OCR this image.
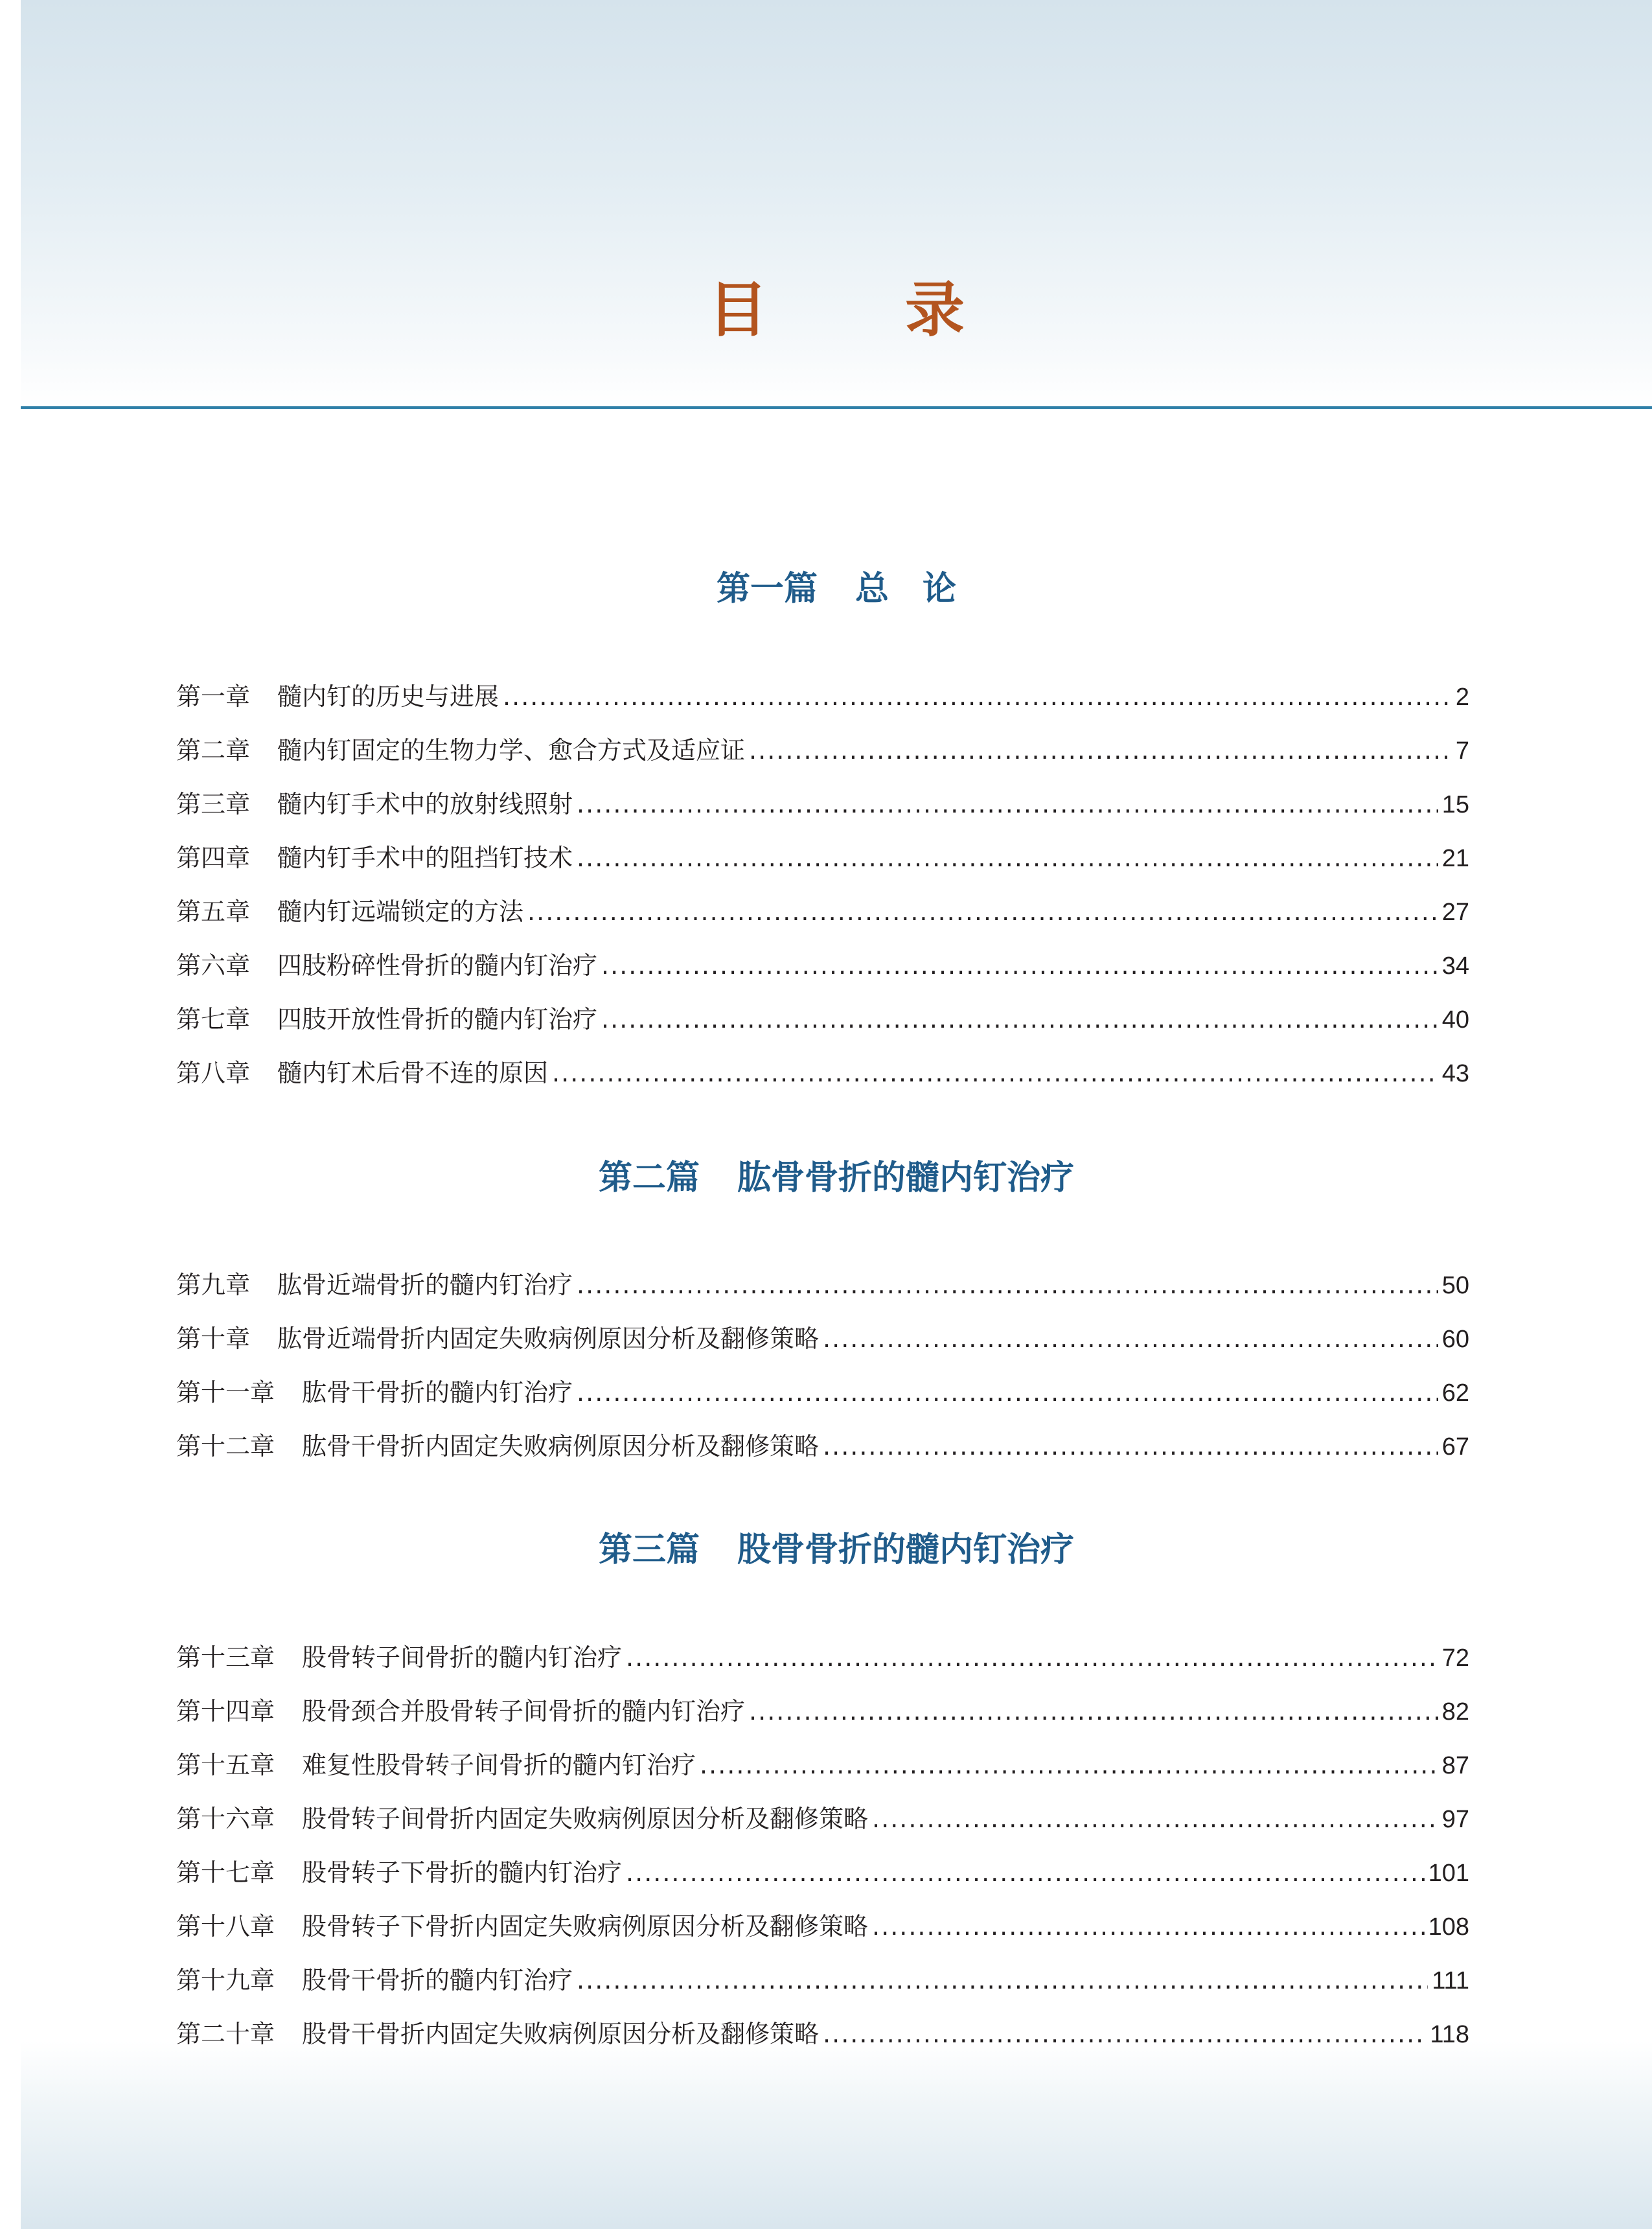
目 录
第一篇 总　论
第一章 髓内钉的历史与进展 .....	2
第二章 髓内钉固定的生物力学、愈合方式及适应证 .....	7
第三章 髓内钉手术中的放射线照射 .....	15
第四章 髓内钉手术中的阻挡钉技术 .....	21
第五章 髓内钉远端锁定的方法 .....	27
第六章 四肢粉碎性骨折的髓内钉治疗 .....	34
第七章 四肢开放性骨折的髓内钉治疗 .....	40
第八章 髓内钉术后骨不连的原因 .....	43
第二篇 肱骨骨折的髓内钉治疗
第九章 肱骨近端骨折的髓内钉治疗 .....	50
第十章 肱骨近端骨折内固定失败病例原因分析及翻修策略 .....	60
第十一章 肱骨干骨折的髓内钉治疗 .....	62
第十二章 肱骨干骨折内固定失败病例原因分析及翻修策略 .....	67
第三篇 股骨骨折的髓内钉治疗
第十三章 股骨转子间骨折的髓内钉治疗 .....	72
第十四章 股骨颈合并股骨转子间骨折的髓内钉治疗 .....	82
第十五章 难复性股骨转子间骨折的髓内钉治疗 .....	87
第十六章 股骨转子间骨折内固定失败病例原因分析及翻修策略 .....	97
第十七章 股骨转子下骨折的髓内钉治疗 .....	101
第十八章 股骨转子下骨折内固定失败病例原因分析及翻修策略 .....	108
第十九章 股骨干骨折的髓内钉治疗 .....	111
第二十章 股骨干骨折内固定失败病例原因分析及翻修策略 .....	118
